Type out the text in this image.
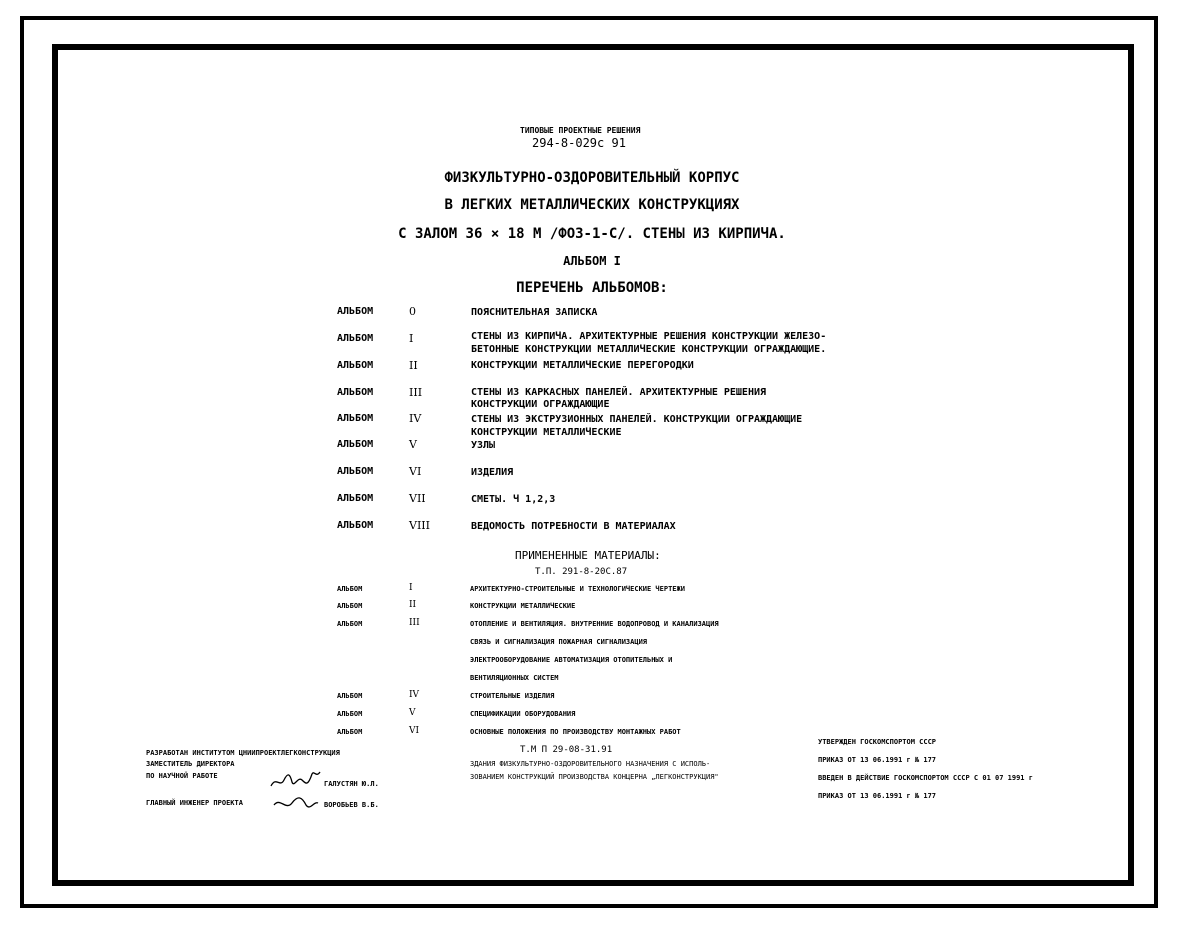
ТИПОВЫЕ ПРОЕКТНЫЕ РЕШЕНИЯ
294-8-029с 91
ФИЗКУЛЬТУРНО-ОЗДОРОВИТЕЛЬНЫЙ КОРПУС
В ЛЕГКИХ МЕТАЛЛИЧЕСКИХ КОНСТРУКЦИЯХ
С ЗАЛОМ 36 × 18 М /ФОЗ-1-С/. СТЕНЫ ИЗ КИРПИЧА.
АЛЬБОМ I
ПЕРЕЧЕНЬ АЛЬБОМОВ:
АЛЬБОМ	0	ПОЯСНИТЕЛЬНАЯ ЗАПИСКА
АЛЬБОМ	I	СТЕНЫ ИЗ КИРПИЧА. АРХИТЕКТУРНЫЕ РЕШЕНИЯ КОНСТРУКЦИИ ЖЕЛЕЗО-
БЕТОННЫЕ КОНСТРУКЦИИ МЕТАЛЛИЧЕСКИЕ КОНСТРУКЦИИ ОГРАЖДАЮЩИЕ.
АЛЬБОМ	II	КОНСТРУКЦИИ МЕТАЛЛИЧЕСКИЕ ПЕРЕГОРОДКИ
АЛЬБОМ	III	СТЕНЫ ИЗ КАРКАСНЫХ ПАНЕЛЕЙ. АРХИТЕКТУРНЫЕ РЕШЕНИЯ
КОНСТРУКЦИИ ОГРАЖДАЮЩИЕ
АЛЬБОМ	IV	СТЕНЫ ИЗ ЭКСТРУЗИОННЫХ ПАНЕЛЕЙ. КОНСТРУКЦИИ ОГРАЖДАЮЩИЕ
КОНСТРУКЦИИ МЕТАЛЛИЧЕСКИЕ
АЛЬБОМ	V	УЗЛЫ
АЛЬБОМ	VI	ИЗДЕЛИЯ
АЛЬБОМ	VII	СМЕТЫ. Ч 1,2,3
АЛЬБОМ	VIII	ВЕДОМОСТЬ ПОТРЕБНОСТИ В МАТЕРИАЛАХ
ПРИМЕНЕННЫЕ МАТЕРИАЛЫ:
Т.П. 291-8-20С.87
АЛЬБОМ	I	АРХИТЕКТУРНО-СТРОИТЕЛЬНЫЕ И ТЕХНОЛОГИЧЕСКИЕ ЧЕРТЕЖИ
АЛЬБОМ	II	КОНСТРУКЦИИ МЕТАЛЛИЧЕСКИЕ
АЛЬБОМ	III	ОТОПЛЕНИЕ И ВЕНТИЛЯЦИЯ. ВНУТРЕННИЕ ВОДОПРОВОД И КАНАЛИЗАЦИЯ
СВЯЗЬ И СИГНАЛИЗАЦИЯ ПОЖАРНАЯ СИГНАЛИЗАЦИЯ
ЭЛЕКТРООБОРУДОВАНИЕ АВТОМАТИЗАЦИЯ ОТОПИТЕЛЬНЫХ И
ВЕНТИЛЯЦИОННЫХ СИСТЕМ
АЛЬБОМ	IV	СТРОИТЕЛЬНЫЕ ИЗДЕЛИЯ
АЛЬБОМ	V	СПЕЦИФИКАЦИИ ОБОРУДОВАНИЯ
АЛЬБОМ	VI	ОСНОВНЫЕ ПОЛОЖЕНИЯ ПО ПРОИЗВОДСТВУ МОНТАЖНЫХ РАБОТ
Т.М П 29-08-31.91
ЗДАНИЯ ФИЗКУЛЬТУРНО-ОЗДОРОВИТЕЛЬНОГО НАЗНАЧЕНИЯ С ИСПОЛЬ-
ЗОВАНИЕМ КОНСТРУКЦИЙ ПРОИЗВОДСТВА КОНЦЕРНА „ЛЕГКОНСТРУКЦИЯ"
РАЗРАБОТАН ИНСТИТУТОМ ЦНИИПРОЕКТЛЕГКОНСТРУКЦИЯ
ЗАМЕСТИТЕЛЬ ДИРЕКТОРА
ПО НАУЧНОЙ РАБОТЕ
ГАЛУСТЯН Ю.Л.
ГЛАВНЫЙ ИНЖЕНЕР ПРОЕКТА	ВОРОБЬЕВ В.Б.
УТВЕРЖДЕН ГОСКОМСПОРТОМ СССР
ПРИКАЗ ОТ 13 06.1991 г № 177
ВВЕДЕН В ДЕЙСТВИЕ ГОСКОМСПОРТОМ СССР С 01 07 1991 г
ПРИКАЗ ОТ 13 06.1991 г № 177
